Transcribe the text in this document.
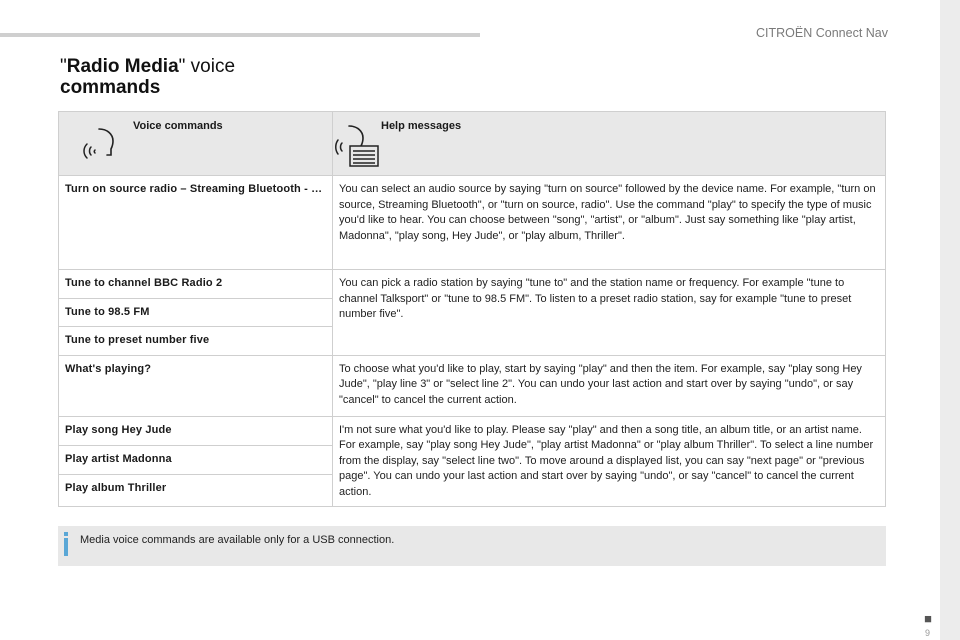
CITROËN Connect Nav
"Radio Media" voice
commands
Voice commands	Help messages

Turn on source radio – Streaming Bluetooth - …	You can select an audio source by saying "turn on source" followed by the device name. For example, "turn on source, Streaming Bluetooth", or "turn on source, radio". Use the command "play" to specify the type of music you'd like to hear. You can choose between "song", "artist", or "album". Just say something like "play artist, Madonna", "play song, Hey Jude", or "play album, Thriller".
Tune to channel BBC Radio 2	You can pick a radio station by saying "tune to" and the station name or frequency. For example "tune to channel Talksport" or "tune to 98.5 FM". To listen to a preset radio station, say for example "tune to preset number five".
Tune to 98.5 FM	
Tune to preset number five	
What's playing?	To choose what you'd like to play, start by saying "play" and then the item. For example, say "play song Hey Jude", "play line 3" or "select line 2". You can undo your last action and start over by saying "undo", or say "cancel" to cancel the current action.
Play song Hey Jude	I'm not sure what you'd like to play. Please say "play" and then a song title, an album title, or an artist name. For example, say "play song Hey Jude", "play artist Madonna" or "play album Thriller". To select a line number from the display, say "select line two". To move around a displayed list, you can say "next page" or "previous page". You can undo your last action and start over by saying "undo", or say "cancel" to cancel the current action.
Play artist Madonna	
Play album Thriller	
Media voice commands are available only for a USB connection.
■
9
